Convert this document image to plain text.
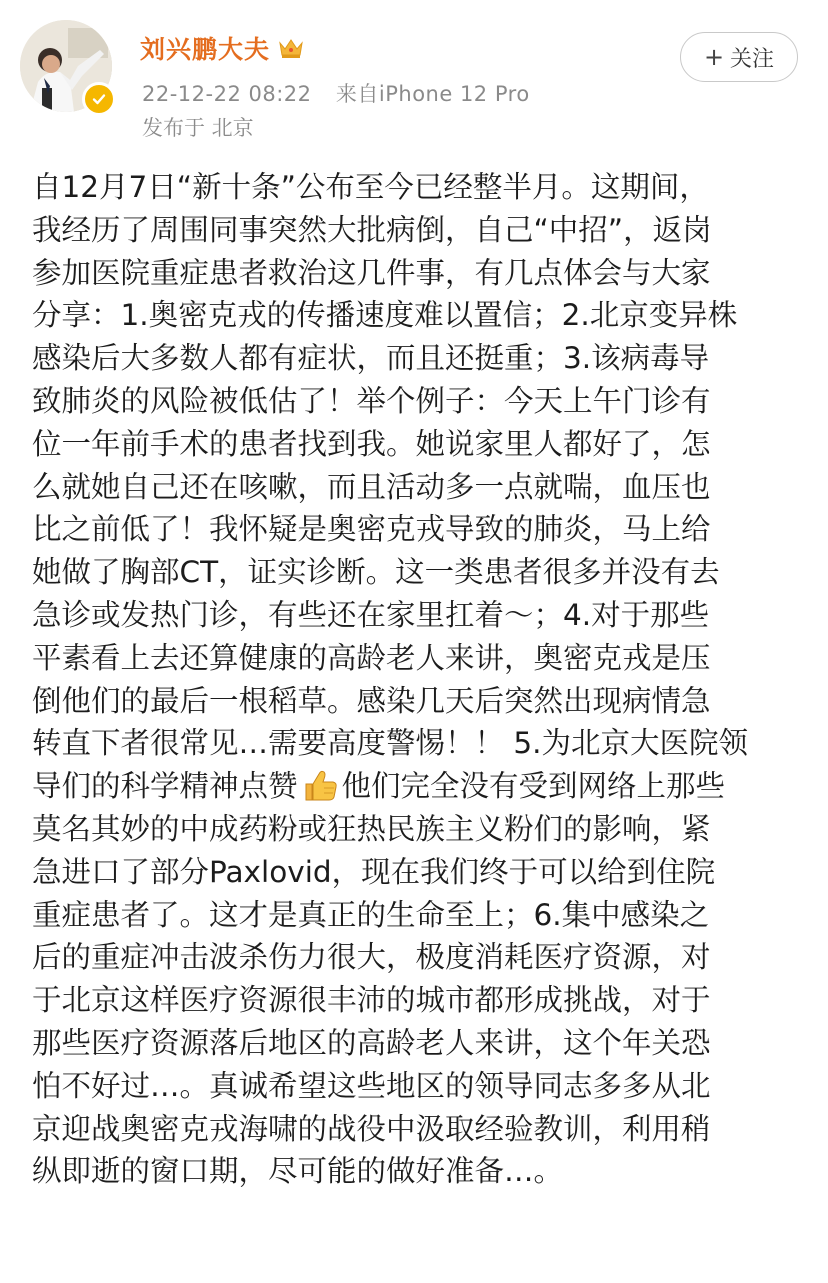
刘兴鹏大夫
22-12-22 08:22 来自iPhone 12 Pro
发布于 北京
+ 关注
自12月7日“新十条”公布至今已经整半月。这期间，
我经历了周围同事突然大批病倒，自己“中招”，返岗
参加医院重症患者救治这几件事，有几点体会与大家
分享：1.奥密克戎的传播速度难以置信；2.北京变异株
感染后大多数人都有症状，而且还挺重；3.该病毒导
致肺炎的风险被低估了！举个例子：今天上午门诊有
位一年前手术的患者找到我。她说家里人都好了，怎
么就她自己还在咳嗽，而且活动多一点就喘，血压也
比之前低了！我怀疑是奥密克戎导致的肺炎，马上给
她做了胸部CT，证实诊断。这一类患者很多并没有去
急诊或发热门诊，有些还在家里扛着～；4.对于那些
平素看上去还算健康的高龄老人来讲，奥密克戎是压
倒他们的最后一根稻草。感染几天后突然出现病情急
转直下者很常见…需要高度警惕！！ 5.为北京大医院领
导们的科学精神点赞 他们完全没有受到网络上那些
莫名其妙的中成药粉或狂热民族主义粉们的影响，紧
急进口了部分Paxlovid，现在我们终于可以给到住院
重症患者了。这才是真正的生命至上；6.集中感染之
后的重症冲击波杀伤力很大，极度消耗医疗资源，对
于北京这样医疗资源很丰沛的城市都形成挑战，对于
那些医疗资源落后地区的高龄老人来讲，这个年关恐
怕不好过…。真诚希望这些地区的领导同志多多从北
京迎战奥密克戎海啸的战役中汲取经验教训，利用稍
纵即逝的窗口期，尽可能的做好准备…。
